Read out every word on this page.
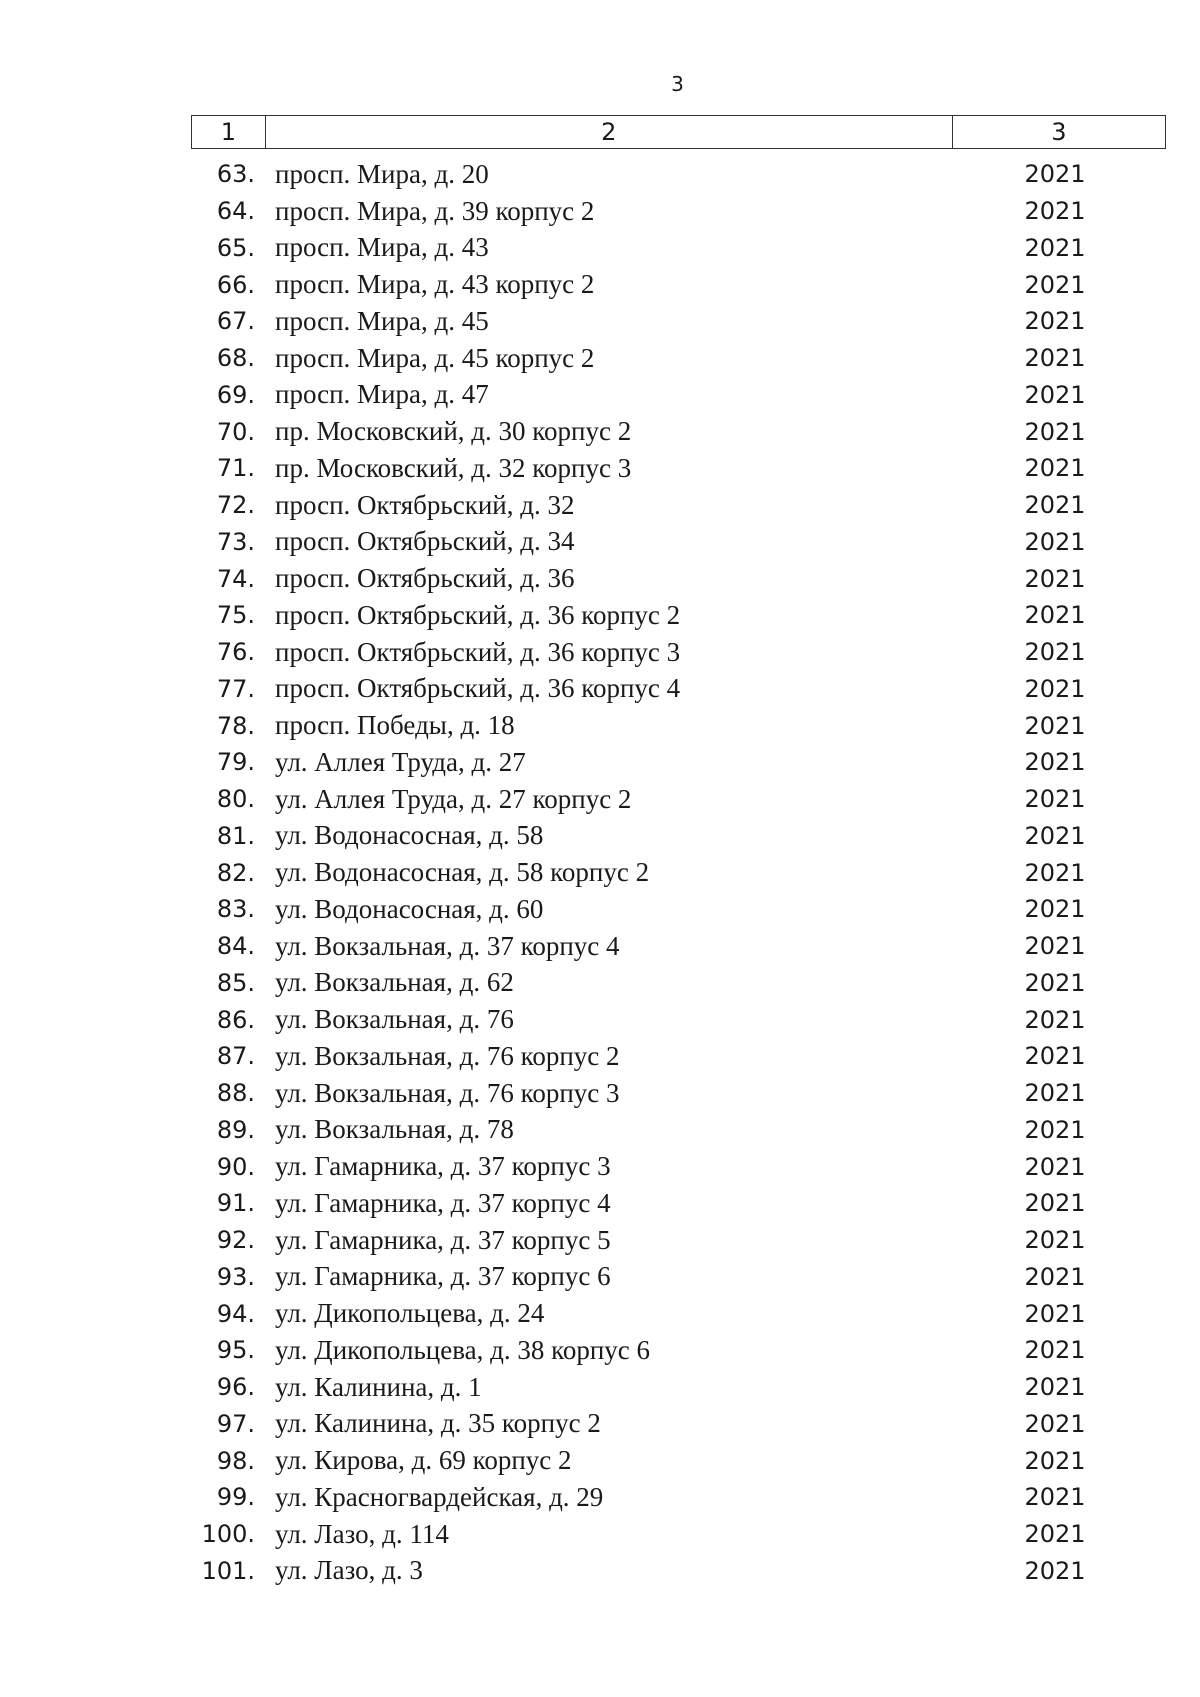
3
1	2	3
63. просп. Мира, д. 20	2021
64. просп. Мира, д. 39 корпус 2	2021
65. просп. Мира, д. 43	2021
66. просп. Мира, д. 43 корпус 2	2021
67. просп. Мира, д. 45	2021
68. просп. Мира, д. 45 корпус 2	2021
69. просп. Мира, д. 47	2021
70. пр. Московский, д. 30 корпус 2	2021
71. пр. Московский, д. 32 корпус 3	2021
72. просп. Октябрьский, д. 32	2021
73. просп. Октябрьский, д. 34	2021
74. просп. Октябрьский, д. 36	2021
75. просп. Октябрьский, д. 36 корпус 2	2021
76. просп. Октябрьский, д. 36 корпус 3	2021
77. просп. Октябрьский, д. 36 корпус 4	2021
78. просп. Победы, д. 18	2021
79. ул. Аллея Труда, д. 27	2021
80. ул. Аллея Труда, д. 27 корпус 2	2021
81. ул. Водонасосная, д. 58	2021
82. ул. Водонасосная, д. 58 корпус 2	2021
83. ул. Водонасосная, д. 60	2021
84. ул. Вокзальная, д. 37 корпус 4	2021
85. ул. Вокзальная, д. 62	2021
86. ул. Вокзальная, д. 76	2021
87. ул. Вокзальная, д. 76 корпус 2	2021
88. ул. Вокзальная, д. 76 корпус 3	2021
89. ул. Вокзальная, д. 78	2021
90. ул. Гамарника, д. 37 корпус 3	2021
91. ул. Гамарника, д. 37 корпус 4	2021
92. ул. Гамарника, д. 37 корпус 5	2021
93. ул. Гамарника, д. 37 корпус 6	2021
94. ул. Дикопольцева, д. 24	2021
95. ул. Дикопольцева, д. 38 корпус 6	2021
96. ул. Калинина, д. 1	2021
97. ул. Калинина, д. 35 корпус 2	2021
98. ул. Кирова, д. 69 корпус 2	2021
99. ул. Красногвардейская, д. 29	2021
100. ул. Лазо, д. 114	2021
101. ул. Лазо, д. 3	2021
